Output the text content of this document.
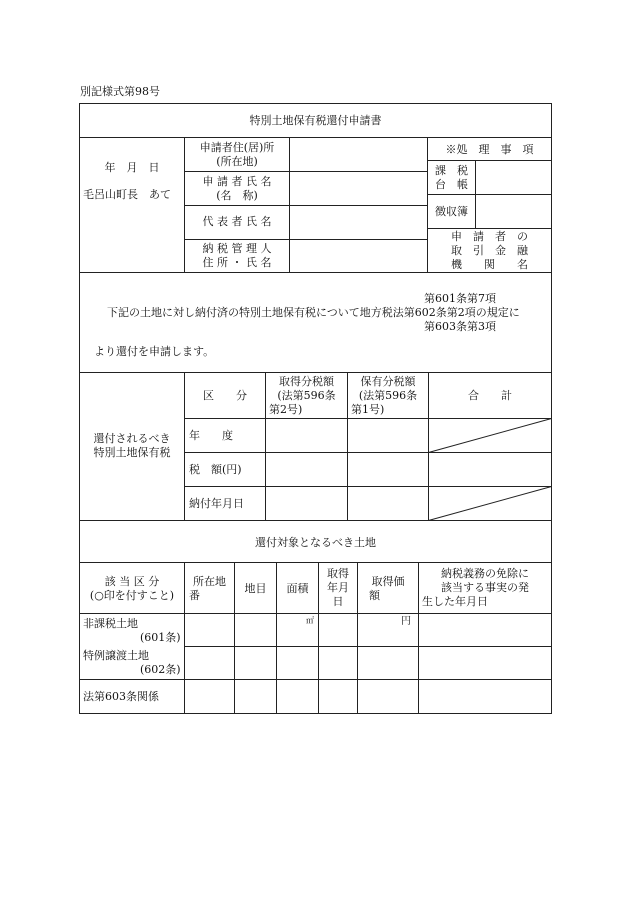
別記様式第98号
特別土地保有税還付申請書
年　月　日
毛呂山町長　あて
申請者住(居)所
(所在地)
申 請 者 氏 名
(名　称)
代 表 者 氏 名
納 税 管 理 人
住 所 ・ 氏 名
※処　理　事　項
課　税
台　帳
徴収簿
申　請　者　の
取　引　金　融
機　　関　　名
第601条第7項
下記の土地に対し納付済の特別土地保有税について地方税法第602条第2項の規定に
第603条第3項
より還付を申請します。
還付されるべき
特別土地保有税
区　　分
取得分税額
(法第596条
第2号)
保有分税額
(法第596条
第1号)
合　　計
年　　度
税　額(円)
納付年月日
還付対象となるべき土地
該 当 区 分
(○印を付すこと)
所在地
番
地目	面積
取得
年月
日
取得価
額
納税義務の免除に
該当する事実の発
生した年月日
㎡	円
非課税土地
(601条)
特例譲渡土地
(602条)
法第603条関係
